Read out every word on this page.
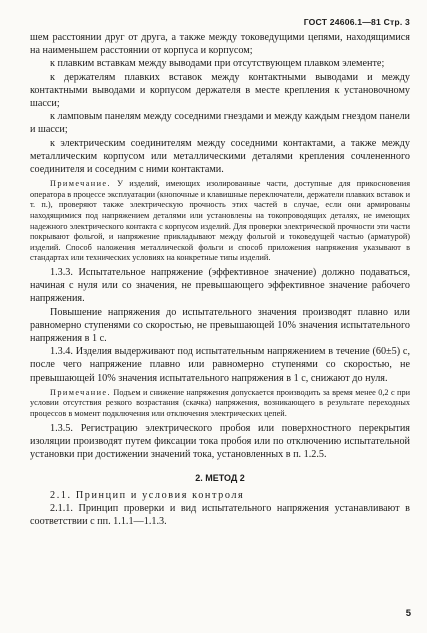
ГОСТ 24606.1—81 Стр. 3

шем расстоянии друг от друга, а также между токоведущими цепями, находящимися на наименьшем расстоянии от корпуса и корпусом;

к плавким вставкам между выводами при отсутствующем плавком элементе;

к держателям плавких вставок между контактными выводами и между контактными выводами и корпусом держателя в месте крепления к установочному шасси;

к ламповым панелям между соседними гнездами и между каждым гнездом панели и шасси;

к электрическим соединителям между соседними контактами, а также между металлическим корпусом или металлическими деталями крепления сочлененного соединителя и соседним с ними контактами.

Примечание. У изделий, имеющих изолированные части, доступные для прикосновения оператора в процессе эксплуатации (кнопочные и клавишные переключатели, держатели плавких вставок и т. п.), проверяют также электрическую прочность этих частей в случае, если они армированы находящимися под напряжением деталями или установлены на токопроводящих деталях, не имеющих надежного электрического контакта с корпусом изделий. Для проверки электрической прочности эти части покрывают фольгой, и напряжение прикладывают между фольгой и токоведущей частью (арматурой) изделий. Способ наложения металлической фольги и способ приложения напряжения указывают в стандартах или технических условиях на конкретные типы изделий.

1.3.3. Испытательное напряжение (эффективное значение) должно подаваться, начиная с нуля или со значения, не превышающего эффективное значение рабочего напряжения.

Повышение напряжения до испытательного значения производят плавно или равномерно ступенями со скоростью, не превышающей 10% значения испытательного напряжения в 1 с.

1.3.4. Изделия выдерживают под испытательным напряжением в течение (60±5) с, после чего напряжение плавно или равномерно ступенями со скоростью, не превышающей 10% значения испытательного напряжения в 1 с, снижают до нуля.

Примечание. Подъем и снижение напряжения допускается производить за время менее 0,2 с при условии отсутствия резкого возрастания (скачка) напряжения, возникающего в результате переходных процессов в момент подключения или отключения электрических цепей.

1.3.5. Регистрацию электрического пробоя или поверхностного перекрытия изоляции производят путем фиксации тока пробоя или по отключению испытательной установки при достижении значений тока, установленных в п. 1.2.5.

2. МЕТОД 2

2.1. Принцип и условия контроля

2.1.1. Принцип проверки и вид испытательного напряжения устанавливают в соответствии с пп. 1.1.1—1.1.3.

5
